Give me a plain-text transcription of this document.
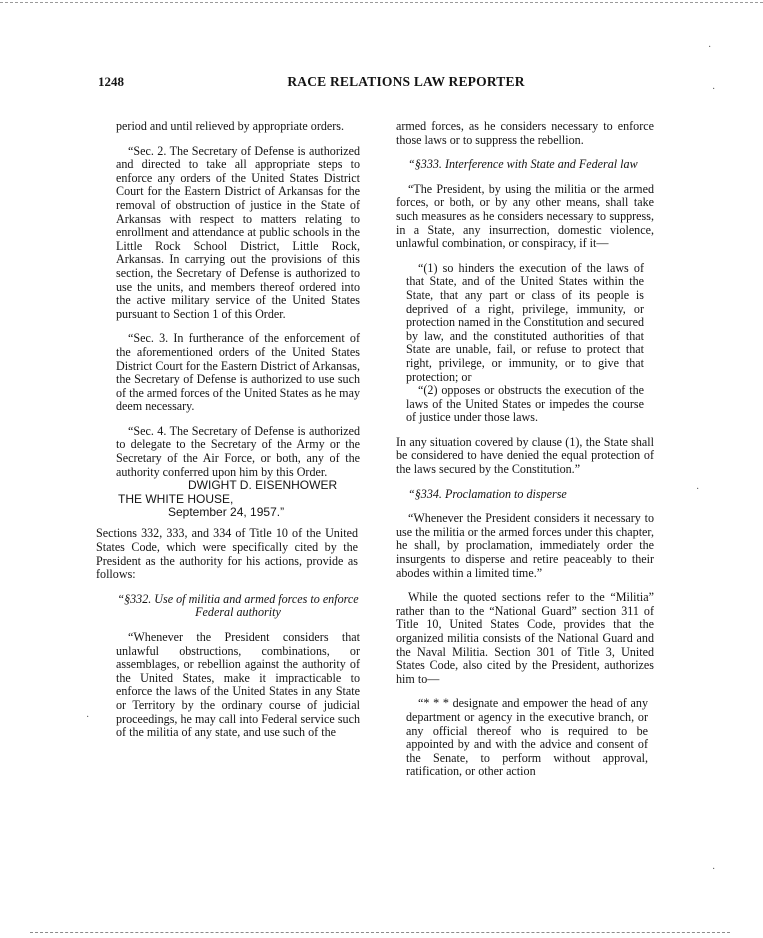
1248	RACE RELATIONS LAW REPORTER

period and until relieved by appropriate orders.

“Sec. 2. The Secretary of Defense is authorized and directed to take all appropriate steps to enforce any orders of the United States District Court for the Eastern District of Arkansas for the removal of obstruction of justice in the State of Arkansas with respect to matters relating to enrollment and attendance at public schools in the Little Rock School District, Little Rock, Arkansas. In carrying out the provisions of this section, the Secretary of Defense is authorized to use the units, and members thereof ordered into the active military service of the United States pursuant to Section 1 of this Order.

“Sec. 3. In furtherance of the enforcement of the aforementioned orders of the United States District Court for the Eastern District of Arkansas, the Secretary of Defense is authorized to use such of the armed forces of the United States as he may deem necessary.

“Sec. 4. The Secretary of Defense is authorized to delegate to the Secretary of the Army or the Secretary of the Air Force, or both, any of the authority conferred upon him by this Order.

DWIGHT D. EISENHOWER
THE WHITE HOUSE,
September 24, 1957.”

Sections 332, 333, and 334 of Title 10 of the United States Code, which were specifically cited by the President as the authority for his actions, provide as follows:

“§332. Use of militia and armed forces to enforce Federal authority

“Whenever the President considers that unlawful obstructions, combinations, or assemblages, or rebellion against the authority of the United States, make it impracticable to enforce the laws of the United States in any State or Territory by the ordinary course of judicial proceedings, he may call into Federal service such of the militia of any state, and use such of the

armed forces, as he considers necessary to enforce those laws or to suppress the rebellion.

“§333. Interference with State and Federal law

“The President, by using the militia or the armed forces, or both, or by any other means, shall take such measures as he considers necessary to suppress, in a State, any insurrection, domestic violence, unlawful combination, or conspiracy, if it—

“(1) so hinders the execution of the laws of that State, and of the United States within the State, that any part or class of its people is deprived of a right, privilege, immunity, or protection named in the Constitution and secured by law, and the constituted authorities of that State are unable, fail, or refuse to protect that right, privilege, or immunity, or to give that protection; or

“(2) opposes or obstructs the execution of the laws of the United States or impedes the course of justice under those laws.

In any situation covered by clause (1), the State shall be considered to have denied the equal protection of the laws secured by the Constitution.”

“§334. Proclamation to disperse

“Whenever the President considers it necessary to use the militia or the armed forces under this chapter, he shall, by proclamation, immediately order the insurgents to disperse and retire peaceably to their abodes within a limited time.”

While the quoted sections refer to the “Militia” rather than to the “National Guard” section 311 of Title 10, United States Code, provides that the organized militia consists of the National Guard and the Naval Militia. Section 301 of Title 3, United States Code, also cited by the President, authorizes him to—

“* * * designate and empower the head of any department or agency in the executive branch, or any official thereof who is required to be appointed by and with the advice and consent of the Senate, to perform without approval, ratification, or other action

·
·
·
·
·
